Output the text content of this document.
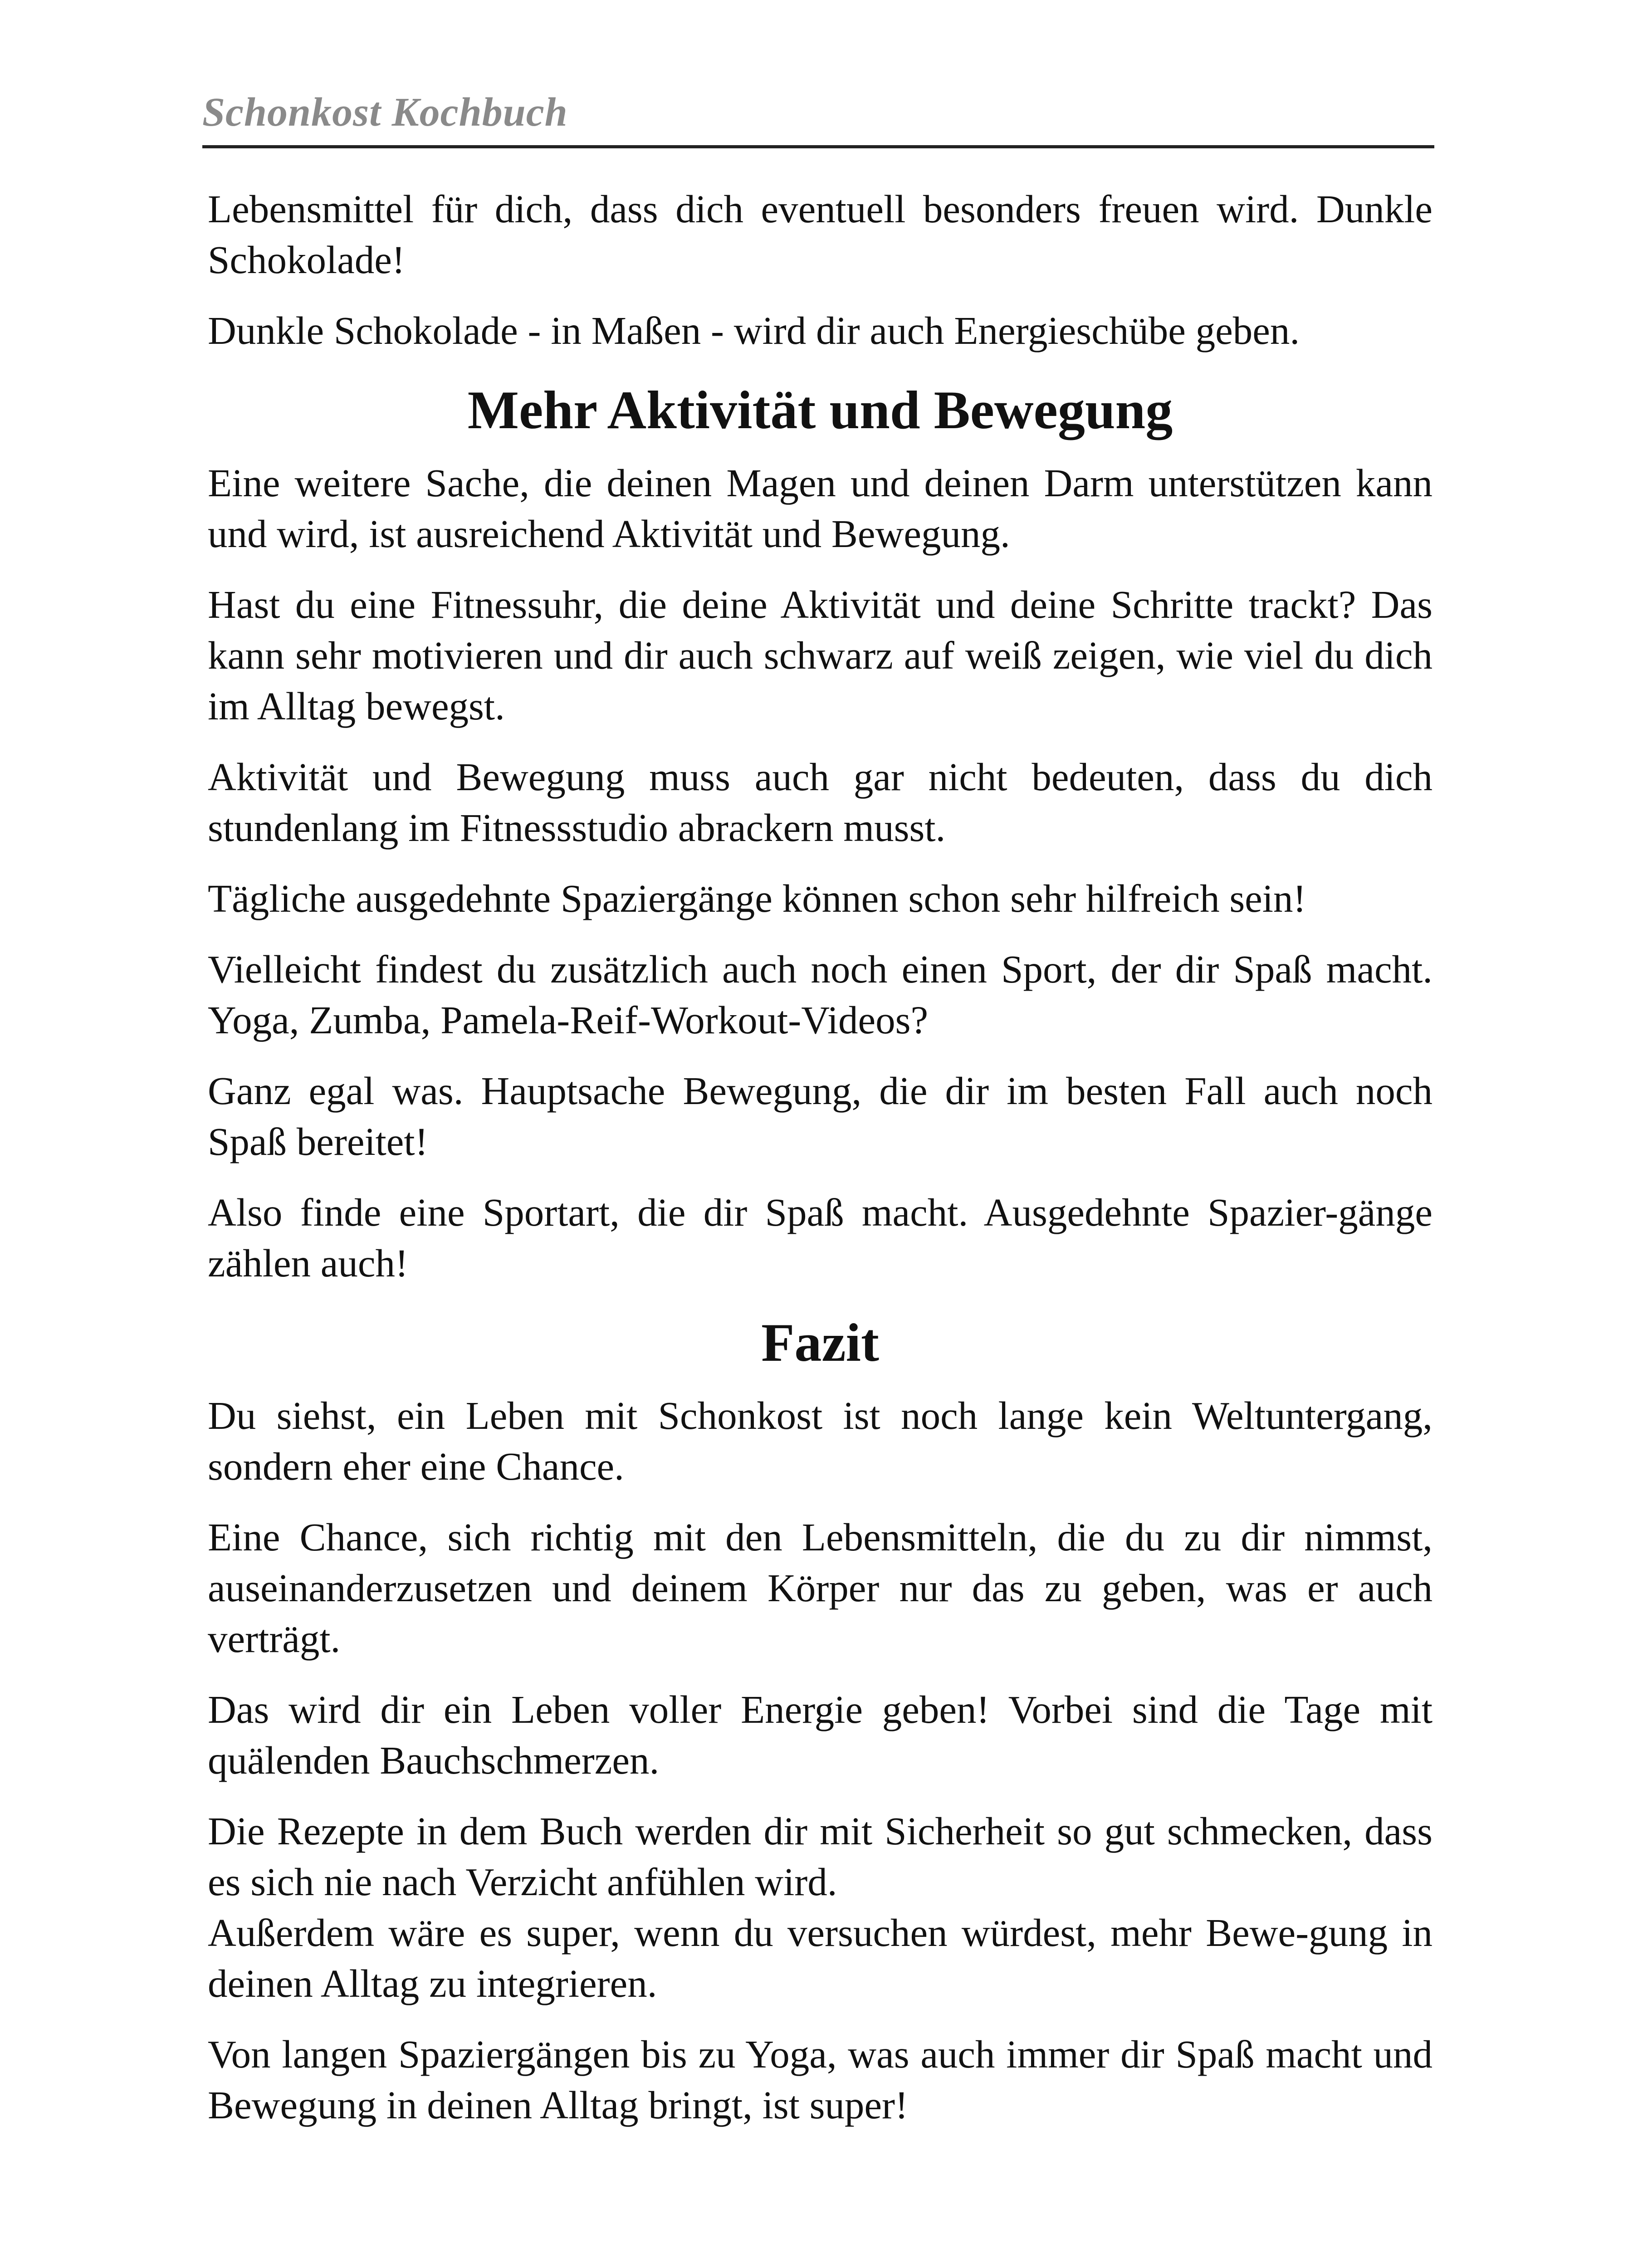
Schonkost Kochbuch

Lebensmittel für dich, dass dich eventuell besonders freuen wird. Dunkle Schokolade!

Dunkle Schokolade - in Maßen - wird dir auch Energieschübe geben.

Mehr Aktivität und Bewegung

Eine weitere Sache, die deinen Magen und deinen Darm unterstützen kann und wird, ist ausreichend Aktivität und Bewegung.

Hast du eine Fitnessuhr, die deine Aktivität und deine Schritte trackt? Das kann sehr motivieren und dir auch schwarz auf weiß zeigen, wie viel du dich im Alltag bewegst.

Aktivität und Bewegung muss auch gar nicht bedeuten, dass du dich stundenlang im Fitnessstudio abrackern musst.

Tägliche ausgedehnte Spaziergänge können schon sehr hilfreich sein!

Vielleicht findest du zusätzlich auch noch einen Sport, der dir Spaß macht. Yoga, Zumba, Pamela-Reif-Workout-Videos?

Ganz egal was. Hauptsache Bewegung, die dir im besten Fall auch noch Spaß bereitet!

Also finde eine Sportart, die dir Spaß macht. Ausgedehnte Spazier-gänge zählen auch!

Fazit

Du siehst, ein Leben mit Schonkost ist noch lange kein Weltuntergang, sondern eher eine Chance.

Eine Chance, sich richtig mit den Lebensmitteln, die du zu dir nimmst, auseinanderzusetzen und deinem Körper nur das zu geben, was er auch verträgt.

Das wird dir ein Leben voller Energie geben! Vorbei sind die Tage mit quälenden Bauchschmerzen.

Die Rezepte in dem Buch werden dir mit Sicherheit so gut schmecken, dass es sich nie nach Verzicht anfühlen wird.

Außerdem wäre es super, wenn du versuchen würdest, mehr Bewe-gung in deinen Alltag zu integrieren.

Von langen Spaziergängen bis zu Yoga, was auch immer dir Spaß macht und Bewegung in deinen Alltag bringt, ist super!
